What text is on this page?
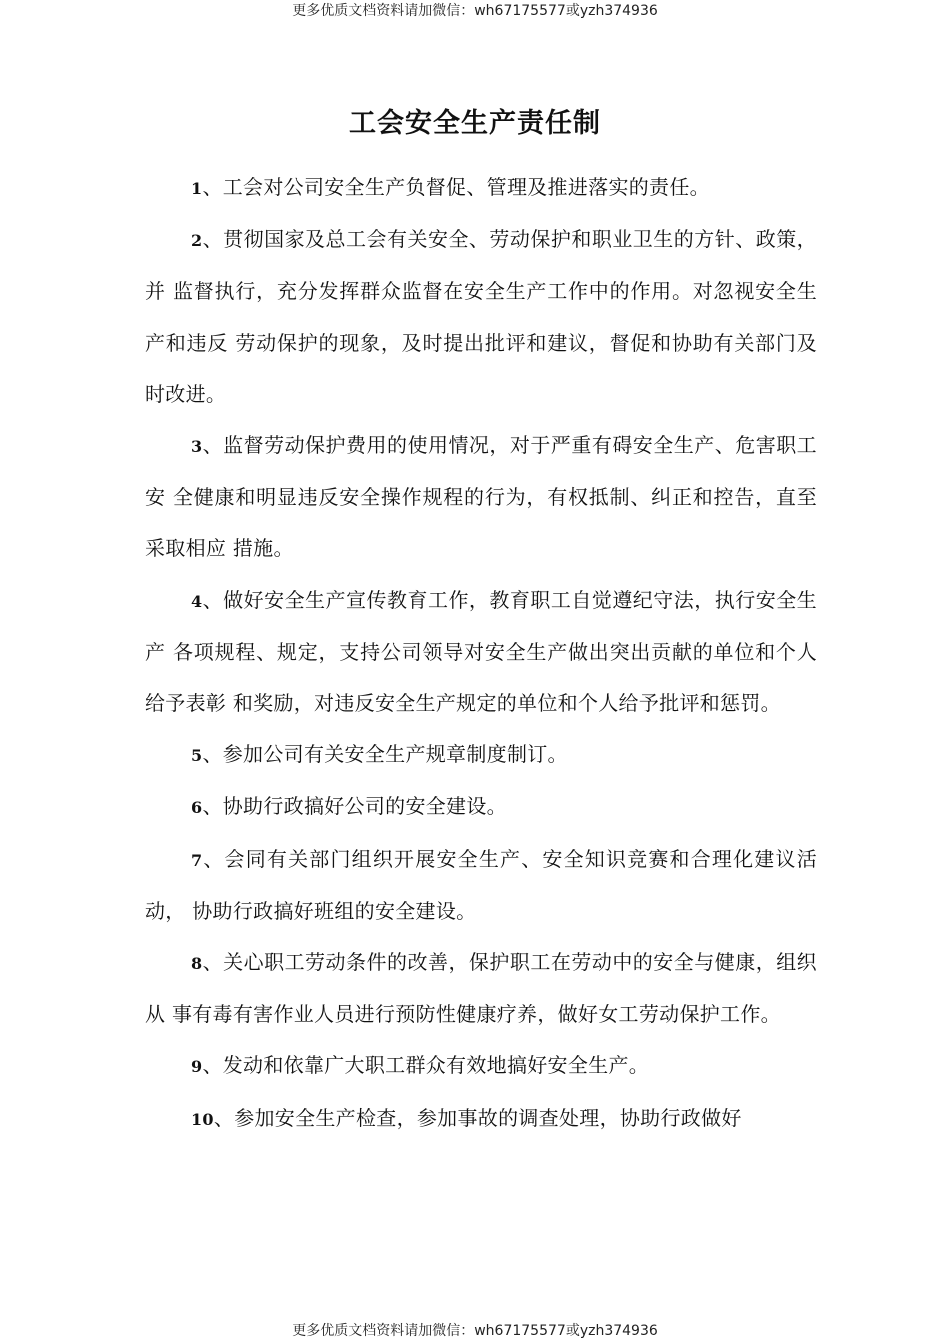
更多优质文档资料请加微信：wh67175577或yzh374936
工会安全生产责任制

1、工会对公司安全生产负督促、管理及推进落实的责任。

2、贯彻国家及总工会有关安全、劳动保护和职业卫生的方针、政策，并 监督执行，充分发挥群众监督在安全生产工作中的作用。对忽视安全生产和违反 劳动保护的现象，及时提出批评和建议，督促和协助有关部门及时改进。

3、监督劳动保护费用的使用情况，对于严重有碍安全生产、危害职工安 全健康和明显违反安全操作规程的行为，有权抵制、纠正和控告，直至采取相应 措施。

4、做好安全生产宣传教育工作，教育职工自觉遵纪守法，执行安全生产 各项规程、规定，支持公司领导对安全生产做出突出贡献的单位和个人给予表彰 和奖励，对违反安全生产规定的单位和个人给予批评和惩罚。

5、参加公司有关安全生产规章制度制订。

6、协助行政搞好公司的安全建设。

7、会同有关部门组织开展安全生产、安全知识竞赛和合理化建议活动， 协助行政搞好班组的安全建设。

8、关心职工劳动条件的改善，保护职工在劳动中的安全与健康，组织从 事有毒有害作业人员进行预防性健康疗养，做好女工劳动保护工作。

9、发动和依靠广大职工群众有效地搞好安全生产。

10、参加安全生产检查，参加事故的调查处理，协助行政做好

更多优质文档资料请加微信：wh67175577或yzh374936
